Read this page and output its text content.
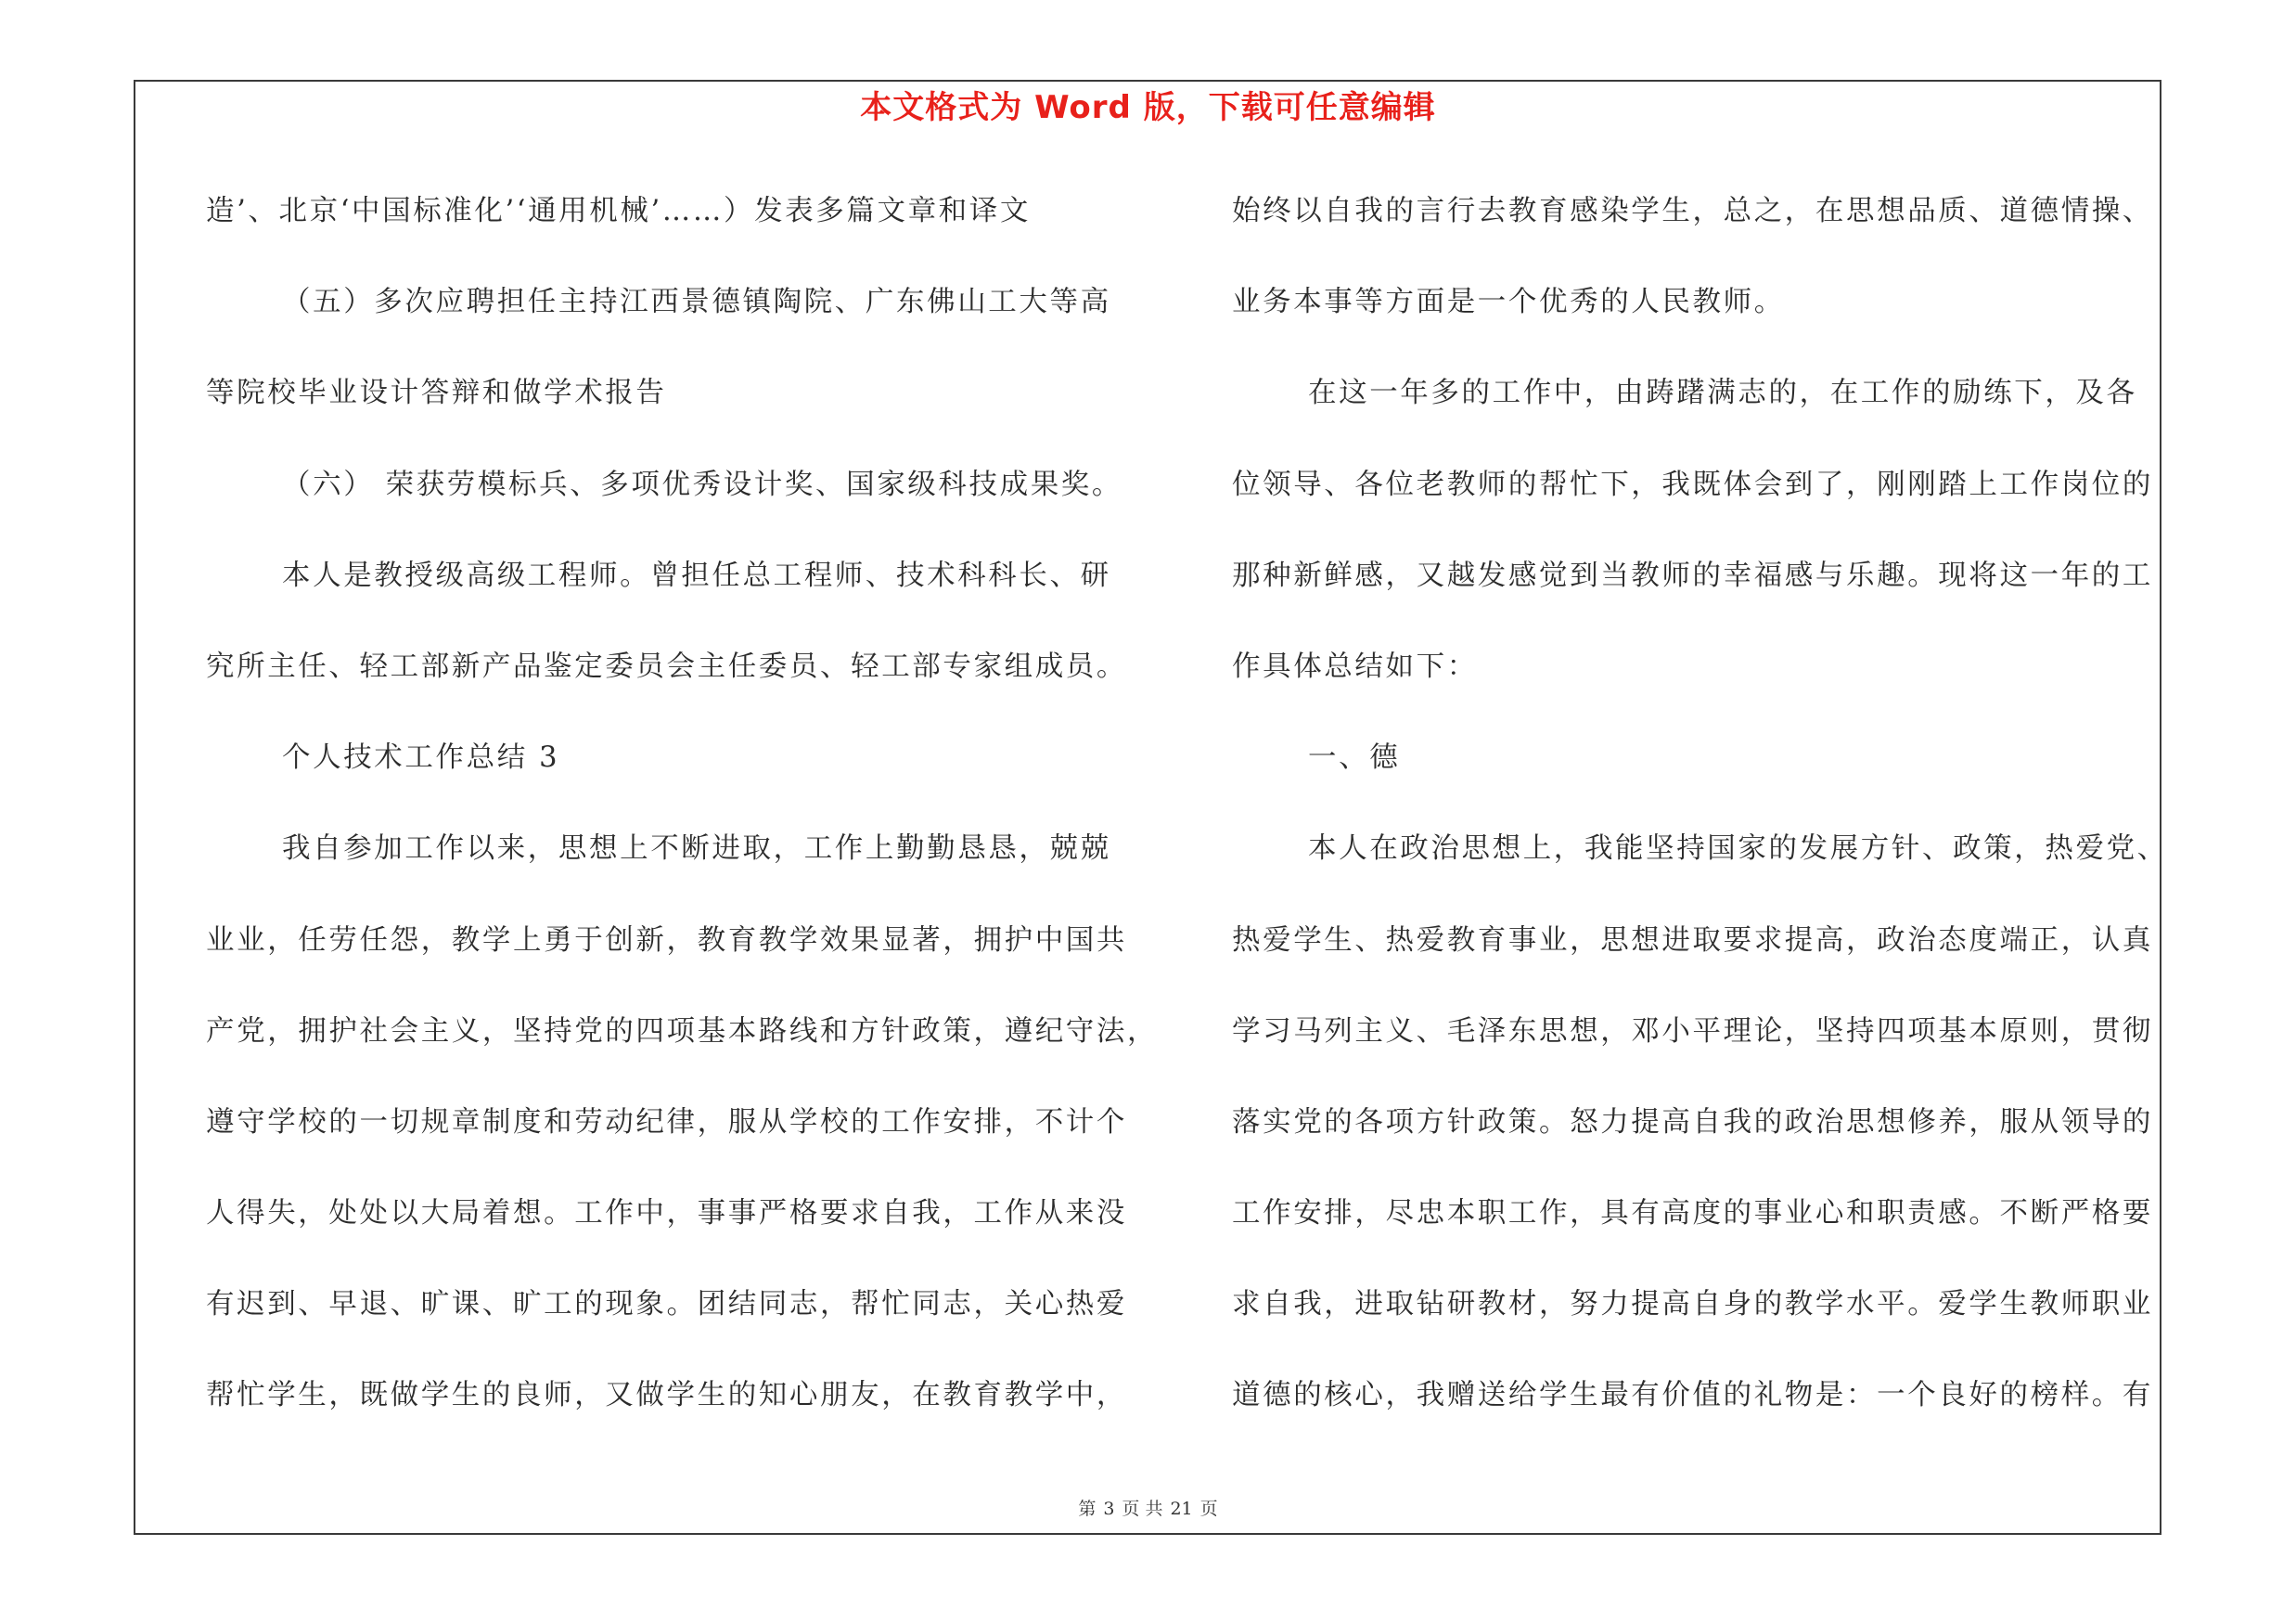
本文格式为 Word 版，下载可任意编辑
造’、北京‘中国标准化’‘通用机械’……）发表多篇文章和译文
（五）多次应聘担任主持江西景德镇陶院、广东佛山工大等高
等院校毕业设计答辩和做学术报告
（六） 荣获劳模标兵、多项优秀设计奖、国家级科技成果奖。
本人是教授级高级工程师。曾担任总工程师、技术科科长、研
究所主任、轻工部新产品鉴定委员会主任委员、轻工部专家组成员。
个人技术工作总结 3
我自参加工作以来，思想上不断进取，工作上勤勤恳恳，兢兢
业业，任劳任怨，教学上勇于创新，教育教学效果显著，拥护中国共
产党，拥护社会主义，坚持党的四项基本路线和方针政策，遵纪守法，
遵守学校的一切规章制度和劳动纪律，服从学校的工作安排，不计个
人得失，处处以大局着想。工作中，事事严格要求自我，工作从来没
有迟到、早退、旷课、旷工的现象。团结同志，帮忙同志，关心热爱
帮忙学生，既做学生的良师，又做学生的知心朋友，在教育教学中，
始终以自我的言行去教育感染学生，总之，在思想品质、道德情操、
业务本事等方面是一个优秀的人民教师。
在这一年多的工作中，由踌躇满志的，在工作的励练下，及各
位领导、各位老教师的帮忙下，我既体会到了，刚刚踏上工作岗位的
那种新鲜感，又越发感觉到当教师的幸福感与乐趣。现将这一年的工
作具体总结如下：
一、德
本人在政治思想上，我能坚持国家的发展方针、政策，热爱党、
热爱学生、热爱教育事业，思想进取要求提高，政治态度端正，认真
学习马列主义、毛泽东思想，邓小平理论，坚持四项基本原则，贯彻
落实党的各项方针政策。怒力提高自我的政治思想修养，服从领导的
工作安排，尽忠本职工作，具有高度的事业心和职责感。不断严格要
求自我，进取钻研教材，努力提高自身的教学水平。爱学生教师职业
道德的核心，我赠送给学生最有价值的礼物是：一个良好的榜样。有
第 3 页 共 21 页
